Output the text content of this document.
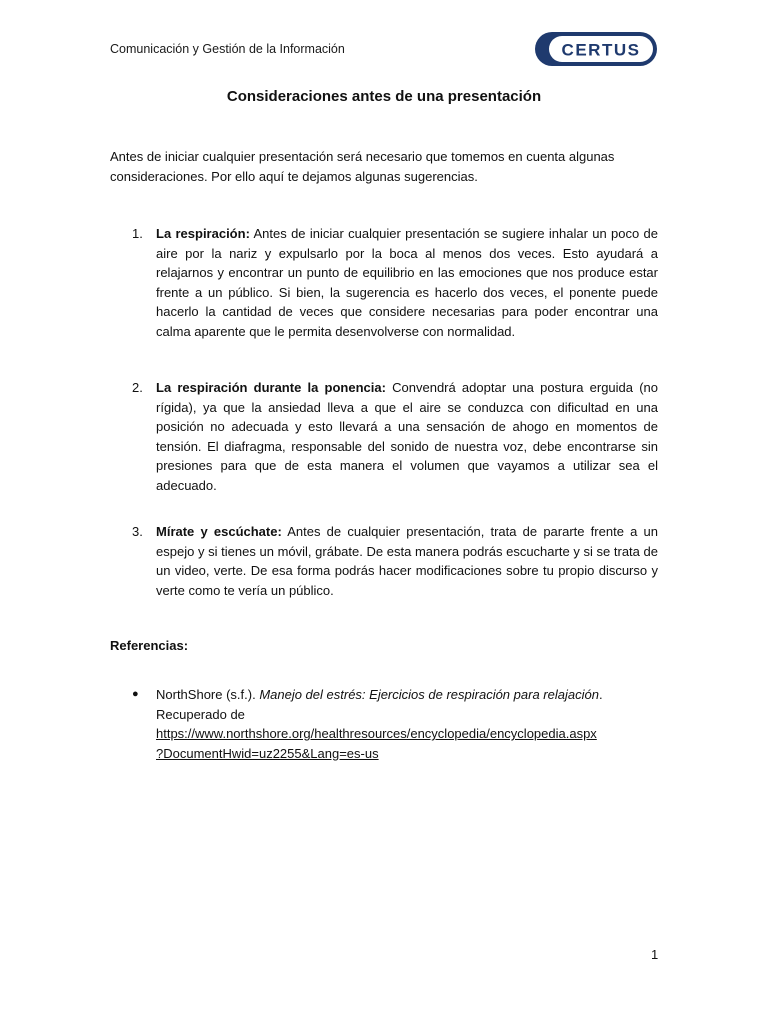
Comunicación y Gestión de la Información	CERTUS
Consideraciones antes de una presentación
Antes de iniciar cualquier presentación será necesario que tomemos en cuenta algunas consideraciones. Por ello aquí te dejamos algunas sugerencias.
1. La respiración: Antes de iniciar cualquier presentación se sugiere inhalar un poco de aire por la nariz y expulsarlo por la boca al menos dos veces. Esto ayudará a relajarnos y encontrar un punto de equilibrio en las emociones que nos produce estar frente a un público. Si bien, la sugerencia es hacerlo dos veces, el ponente puede hacerlo la cantidad de veces que considere necesarias para poder encontrar una calma aparente que le permita desenvolverse con normalidad.
2. La respiración durante la ponencia: Convendrá adoptar una postura erguida (no rígida), ya que la ansiedad lleva a que el aire se conduzca con dificultad en una posición no adecuada y esto llevará a una sensación de ahogo en momentos de tensión. El diafragma, responsable del sonido de nuestra voz, debe encontrarse sin presiones para que de esta manera el volumen que vayamos a utilizar sea el adecuado.
3. Mírate y escúchate: Antes de cualquier presentación, trata de pararte frente a un espejo y si tienes un móvil, grábate. De esta manera podrás escucharte y si se trata de un video, verte. De esa forma podrás hacer modificaciones sobre tu propio discurso y verte como te vería un público.
Referencias:
● NorthShore (s.f.). Manejo del estrés: Ejercicios de respiración para relajación.
Recuperado de
https://www.northshore.org/healthresources/encyclopedia/encyclopedia.aspx
?DocumentHwid=uz2255&Lang=es-us
1
